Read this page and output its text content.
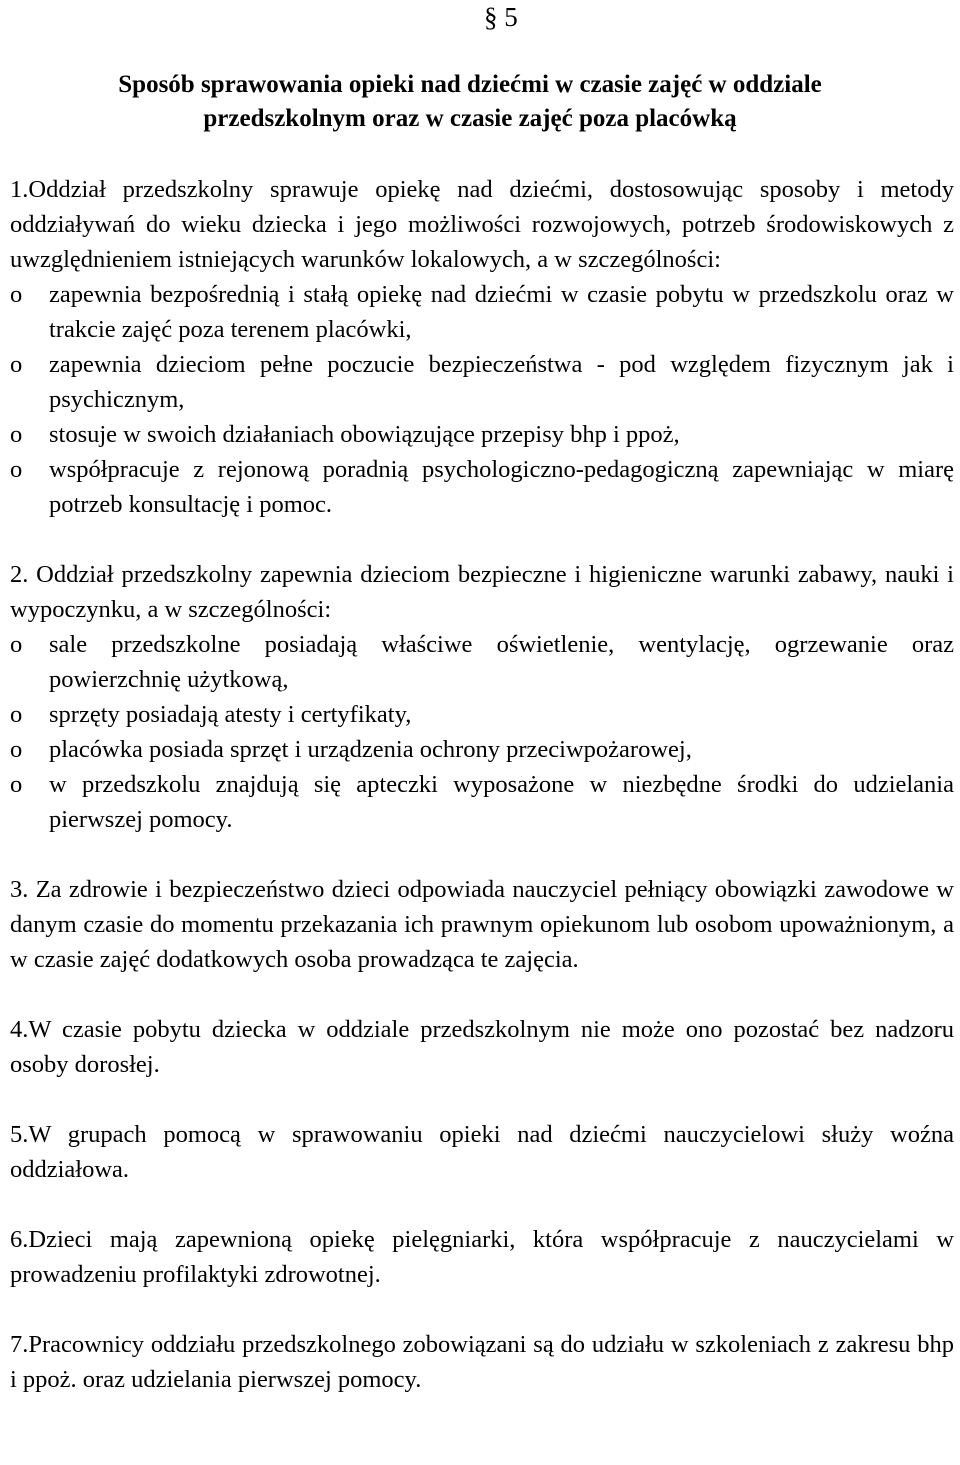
§ 5
Sposób sprawowania opieki nad dziećmi w czasie zajęć w oddziale
przedszkolnym oraz w czasie zajęć poza placówką

1.Oddział przedszkolny sprawuje opiekę nad dziećmi, dostosowując sposoby i metody oddziaływań do wieku dziecka i jego możliwości rozwojowych, potrzeb środowiskowych z uwzględnieniem istniejących warunków lokalowych, a w szczególności:

o zapewnia bezpośrednią i stałą opiekę nad dziećmi w czasie pobytu w przedszkolu oraz w trakcie zajęć poza terenem placówki,
o zapewnia dzieciom pełne poczucie bezpieczeństwa - pod względem fizycznym jak i psychicznym,
o stosuje w swoich działaniach obowiązujące przepisy bhp i ppoż,
o współpracuje z rejonową poradnią psychologiczno-pedagogiczną zapewniając w miarę potrzeb konsultację i pomoc.

2. Oddział przedszkolny zapewnia dzieciom bezpieczne i higieniczne warunki zabawy, nauki i wypoczynku, a w szczególności:

o sale przedszkolne posiadają właściwe oświetlenie, wentylację, ogrzewanie oraz powierzchnię użytkową,
o sprzęty posiadają atesty i certyfikaty,
o placówka posiada sprzęt i urządzenia ochrony przeciwpożarowej,
o w przedszkolu znajdują się apteczki wyposażone w niezbędne środki do udzielania pierwszej pomocy.

3. Za zdrowie i bezpieczeństwo dzieci odpowiada nauczyciel pełniący obowiązki zawodowe w danym czasie do momentu przekazania ich prawnym opiekunom lub osobom upoważnionym, a w czasie zajęć dodatkowych osoba prowadząca te zajęcia.

4.W czasie pobytu dziecka w oddziale przedszkolnym nie może ono pozostać bez nadzoru osoby dorosłej.

5.W grupach pomocą w sprawowaniu opieki nad dziećmi nauczycielowi służy woźna oddziałowa.

6.Dzieci mają zapewnioną opiekę pielęgniarki, która współpracuje z nauczycielami w prowadzeniu profilaktyki zdrowotnej.

7.Pracownicy oddziału przedszkolnego zobowiązani są do udziału w szkoleniach z zakresu bhp i ppoż. oraz udzielania pierwszej pomocy.
